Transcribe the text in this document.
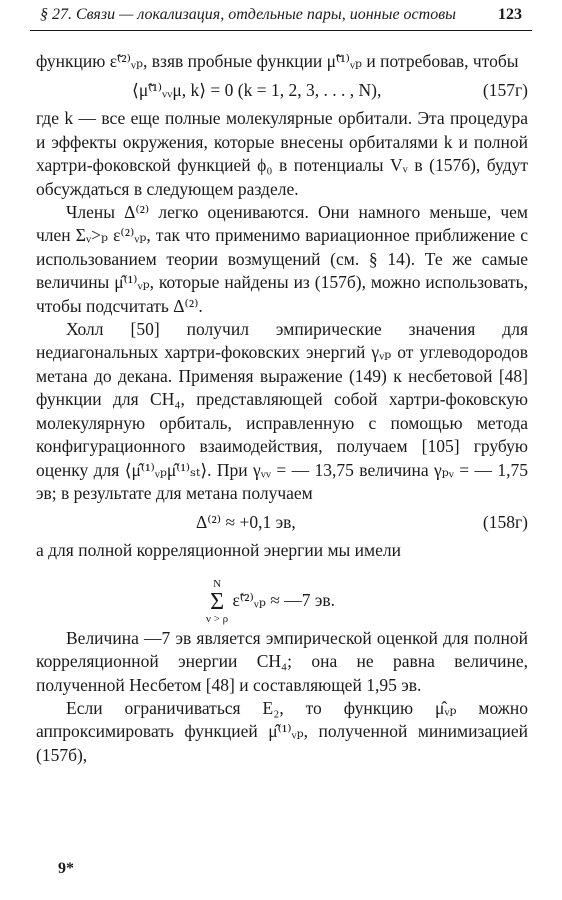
§ 27. Связи — локализация, отдельные пары, ионные остовы	123

функцию ε̃⁽²⁾ᵥₚ, взяв пробные функции μ̃̃⁽¹⁾ᵥₚ и потребовав, чтобы

⟨μ̃̃⁽¹⁾ᵥᵥμ, k⟩ = 0 (k = 1, 2, 3, . . . , N),	(157г)

где k — все еще полные молекулярные орбитали. Эта процедура и эффекты окружения, которые внесены орбиталями k и полной хартри-фоковской функцией ϕ₀ в потенциалы Vᵥ в (157б), будут обсуждаться в следующем разделе.

Члены Δ⁽²⁾ легко оцениваются. Они намного меньше, чем член Σᵥ>ₚ ε⁽²⁾ᵥₚ, так что применимо вариационное приближение с использованием теории возмущений (см. § 14). Те же самые величины μ̂⁽¹⁾ᵥₚ, которые найдены из (157б), можно использовать, чтобы подсчитать Δ⁽²⁾.

Холл [50] получил эмпирические значения для недиагональных хартри-фоковских энергий γᵥₚ от углеводородов метана до декана. Применяя выражение (149) к несбетовой [48] функции для CH₄, представляющей собой хартри-фоковскую молекулярную орбиталь, исправленную с помощью метода конфигурационного взаимодействия, получаем [105] грубую оценку для ⟨μ̂⁽¹⁾ᵥₚμ̂⁽¹⁾ₛₜ⟩. При γᵥᵥ = — 13,75 величина γₚᵥ = — 1,75 эв; в результате для метана получаем

Δ⁽²⁾ ≈ +0,1 эв,	(158г)

а для полной корреляционной энергии мы имели

N
Σ
ν > ρ
ε̃⁽²⁾ᵥₚ ≈ —7 эв.

Величина —7 эв является эмпирической оценкой для полной корреляционной энергии CH₄; она не равна величине, полученной Несбетом [48] и составляющей 1,95 эв.

Если ограничиваться E₂, то функцию μ̂ᵥₚ можно аппроксимировать функцией μ̂⁽¹⁾ᵥₚ, полученной минимизацией (157б),

9*
